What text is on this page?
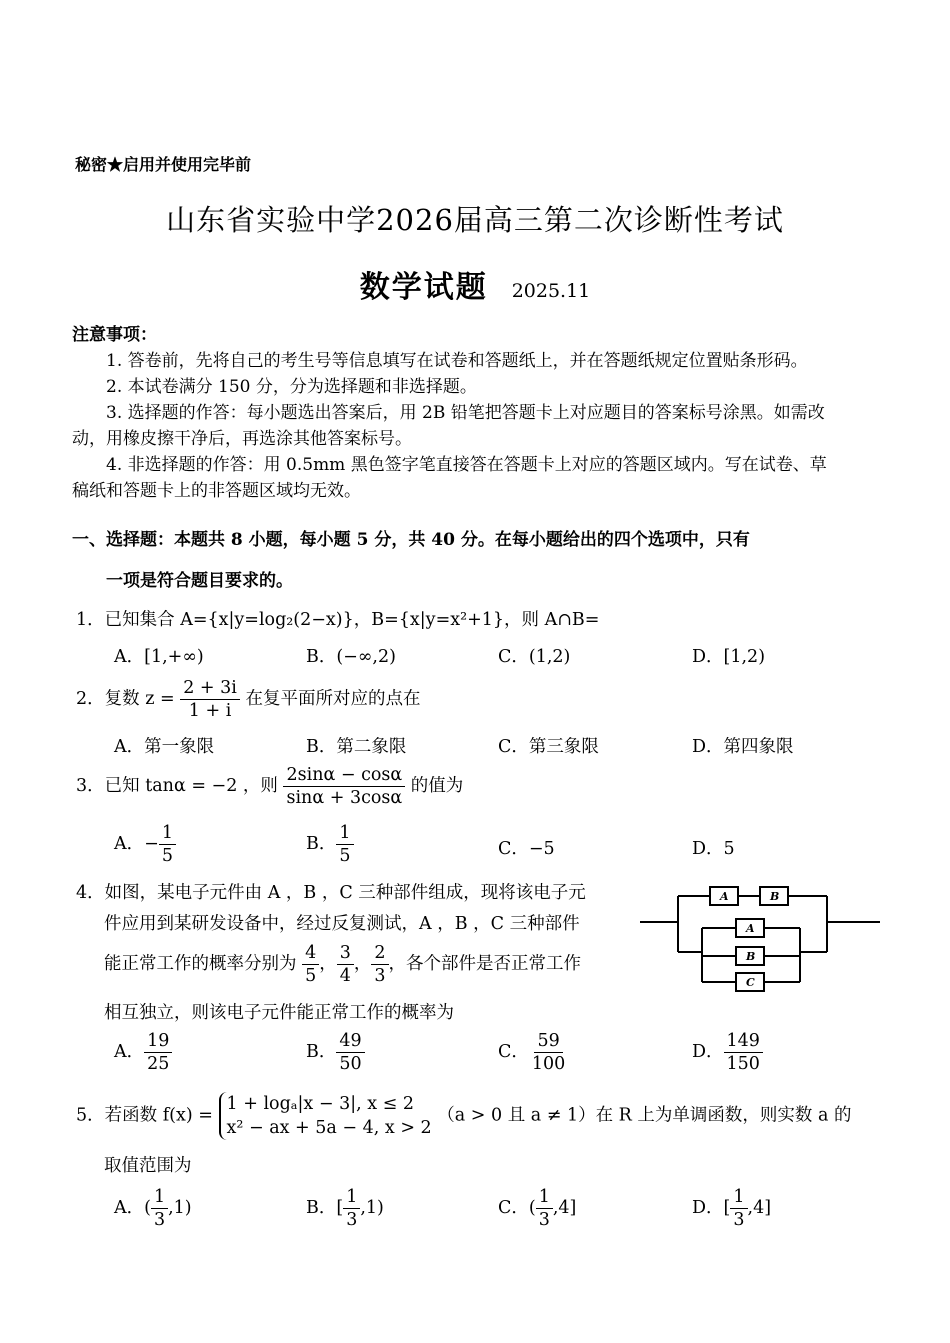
秘密★启用并使用完毕前
山东省实验中学2026届高三第二次诊断性考试
数学试题 2025.11
注意事项：

1. 答卷前，先将自己的考生号等信息填写在试卷和答题纸上，并在答题纸规定位置贴条形码。

2. 本试卷满分 150 分，分为选择题和非选择题。

3. 选择题的作答：每小题选出答案后，用 2B 铅笔把答题卡上对应题目的答案标号涂黑。如需改动，用橡皮擦干净后，再选涂其他答案标号。

4. 非选择题的作答：用 0.5mm 黑色签字笔直接答在答题卡上对应的答题区域内。写在试卷、草稿纸和答题卡上的非答题区域均无效。

一、选择题：本题共 8 小题，每小题 5 分，共 40 分。在每小题给出的四个选项中，只有
一项是符合题目要求的。
1．已知集合 A={x|y=log₂(2−x)}，B={x|y=x²+1}，则 A∩B=
A．[1,+∞)	B．(−∞,2)	C．(1,2)	D．[1,2)
2．复数 $z = \frac{2 + 3i}{1 + i}$ 在复平面所对应的点在
A．第一象限	B．第二象限	C．第三象限	D．第四象限
3．已知 tanα = −2 ，则 $\frac{2\sin\alpha - \cos\alpha}{\sin\alpha + 3\cos\alpha}$ 的值为
A．− $\frac{1}{5}$	B． $\frac{1}{5}$	C．−5	D．5
4．如图，某电子元件由 A ，B ，C 三种部件组成，现将该电子元
件应用到某研发设备中，经过反复测试，A ，B ，C 三种部件
能正常工作的概率分别为 $\frac{4}{5}$ ， $\frac{3}{4}$ ， $\frac{2}{3}$ ，各个部件是否正常工作
相互独立，则该电子元件能正常工作的概率为
A	B
A
B
C
A． $\frac{19}{25}$	B． $\frac{49}{50}$	C． $\frac{59}{100}$	D． $\frac{149}{150}$
5．若函数 f(x) =
1 + logₐ|x − 3|, x ≤ 2
x² − ax + 5a − 4, x > 2
（a > 0 且 a ≠ 1）在 R 上为单调函数，则实数 a 的
取值范围为
A．( $\frac{1}{3} ,1$)	B．[ $\frac{1}{3} ,1$)	C．( $\frac{1}{3} ,4$]	D．[ $\frac{1}{3} ,4$]
